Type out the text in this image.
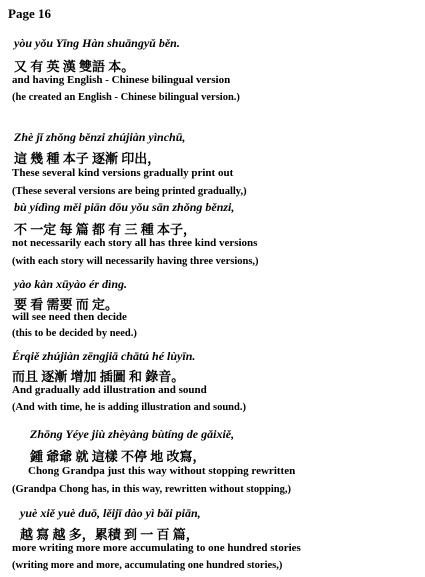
Page 16
yòu yǒu Yīng Hàn shuāngyǔ běn.
又 有 英 漢 雙語 本。
and having English - Chinese bilingual version
(he created an English - Chinese bilingual version.)
Zhè jǐ zhǒng běnzi zhújiàn yìnchū,
這 幾 種 本子 逐漸 印出，
These several kind versions gradually print out
(These several versions are being printed gradually,)
bù yídìng měi piān dōu yǒu sān zhǒng běnzi,
不 一定 每 篇 都 有 三 種 本子，
not necessarily each story all has three kind versions
(with each story will necessarily having three versions,)
yào kàn xūyào ér dìng.
要 看 需要 而 定。
will see need then decide
(this to be decided by need.)
Érqiě zhújiàn zēngjiā chātú hé lùyīn.
而且 逐漸 增加 插圖 和 錄音。
And gradually add illustration and sound
(And with time, he is adding illustration and sound.)
Zhōng Yéye jiù zhèyàng bùtíng de gǎixiě,
鍾 爺爺 就 這樣 不停 地 改寫，
Chong Grandpa just this way without stopping rewritten
(Grandpa Chong has, in this way, rewritten without stopping,)
yuè xiě yuè duō, lěijī dào yì bǎi piān,
越 寫 越 多，累積 到 一 百 篇，
more writing more more accumulating to one hundred stories
(writing more and more, accumulating one hundred stories,)
